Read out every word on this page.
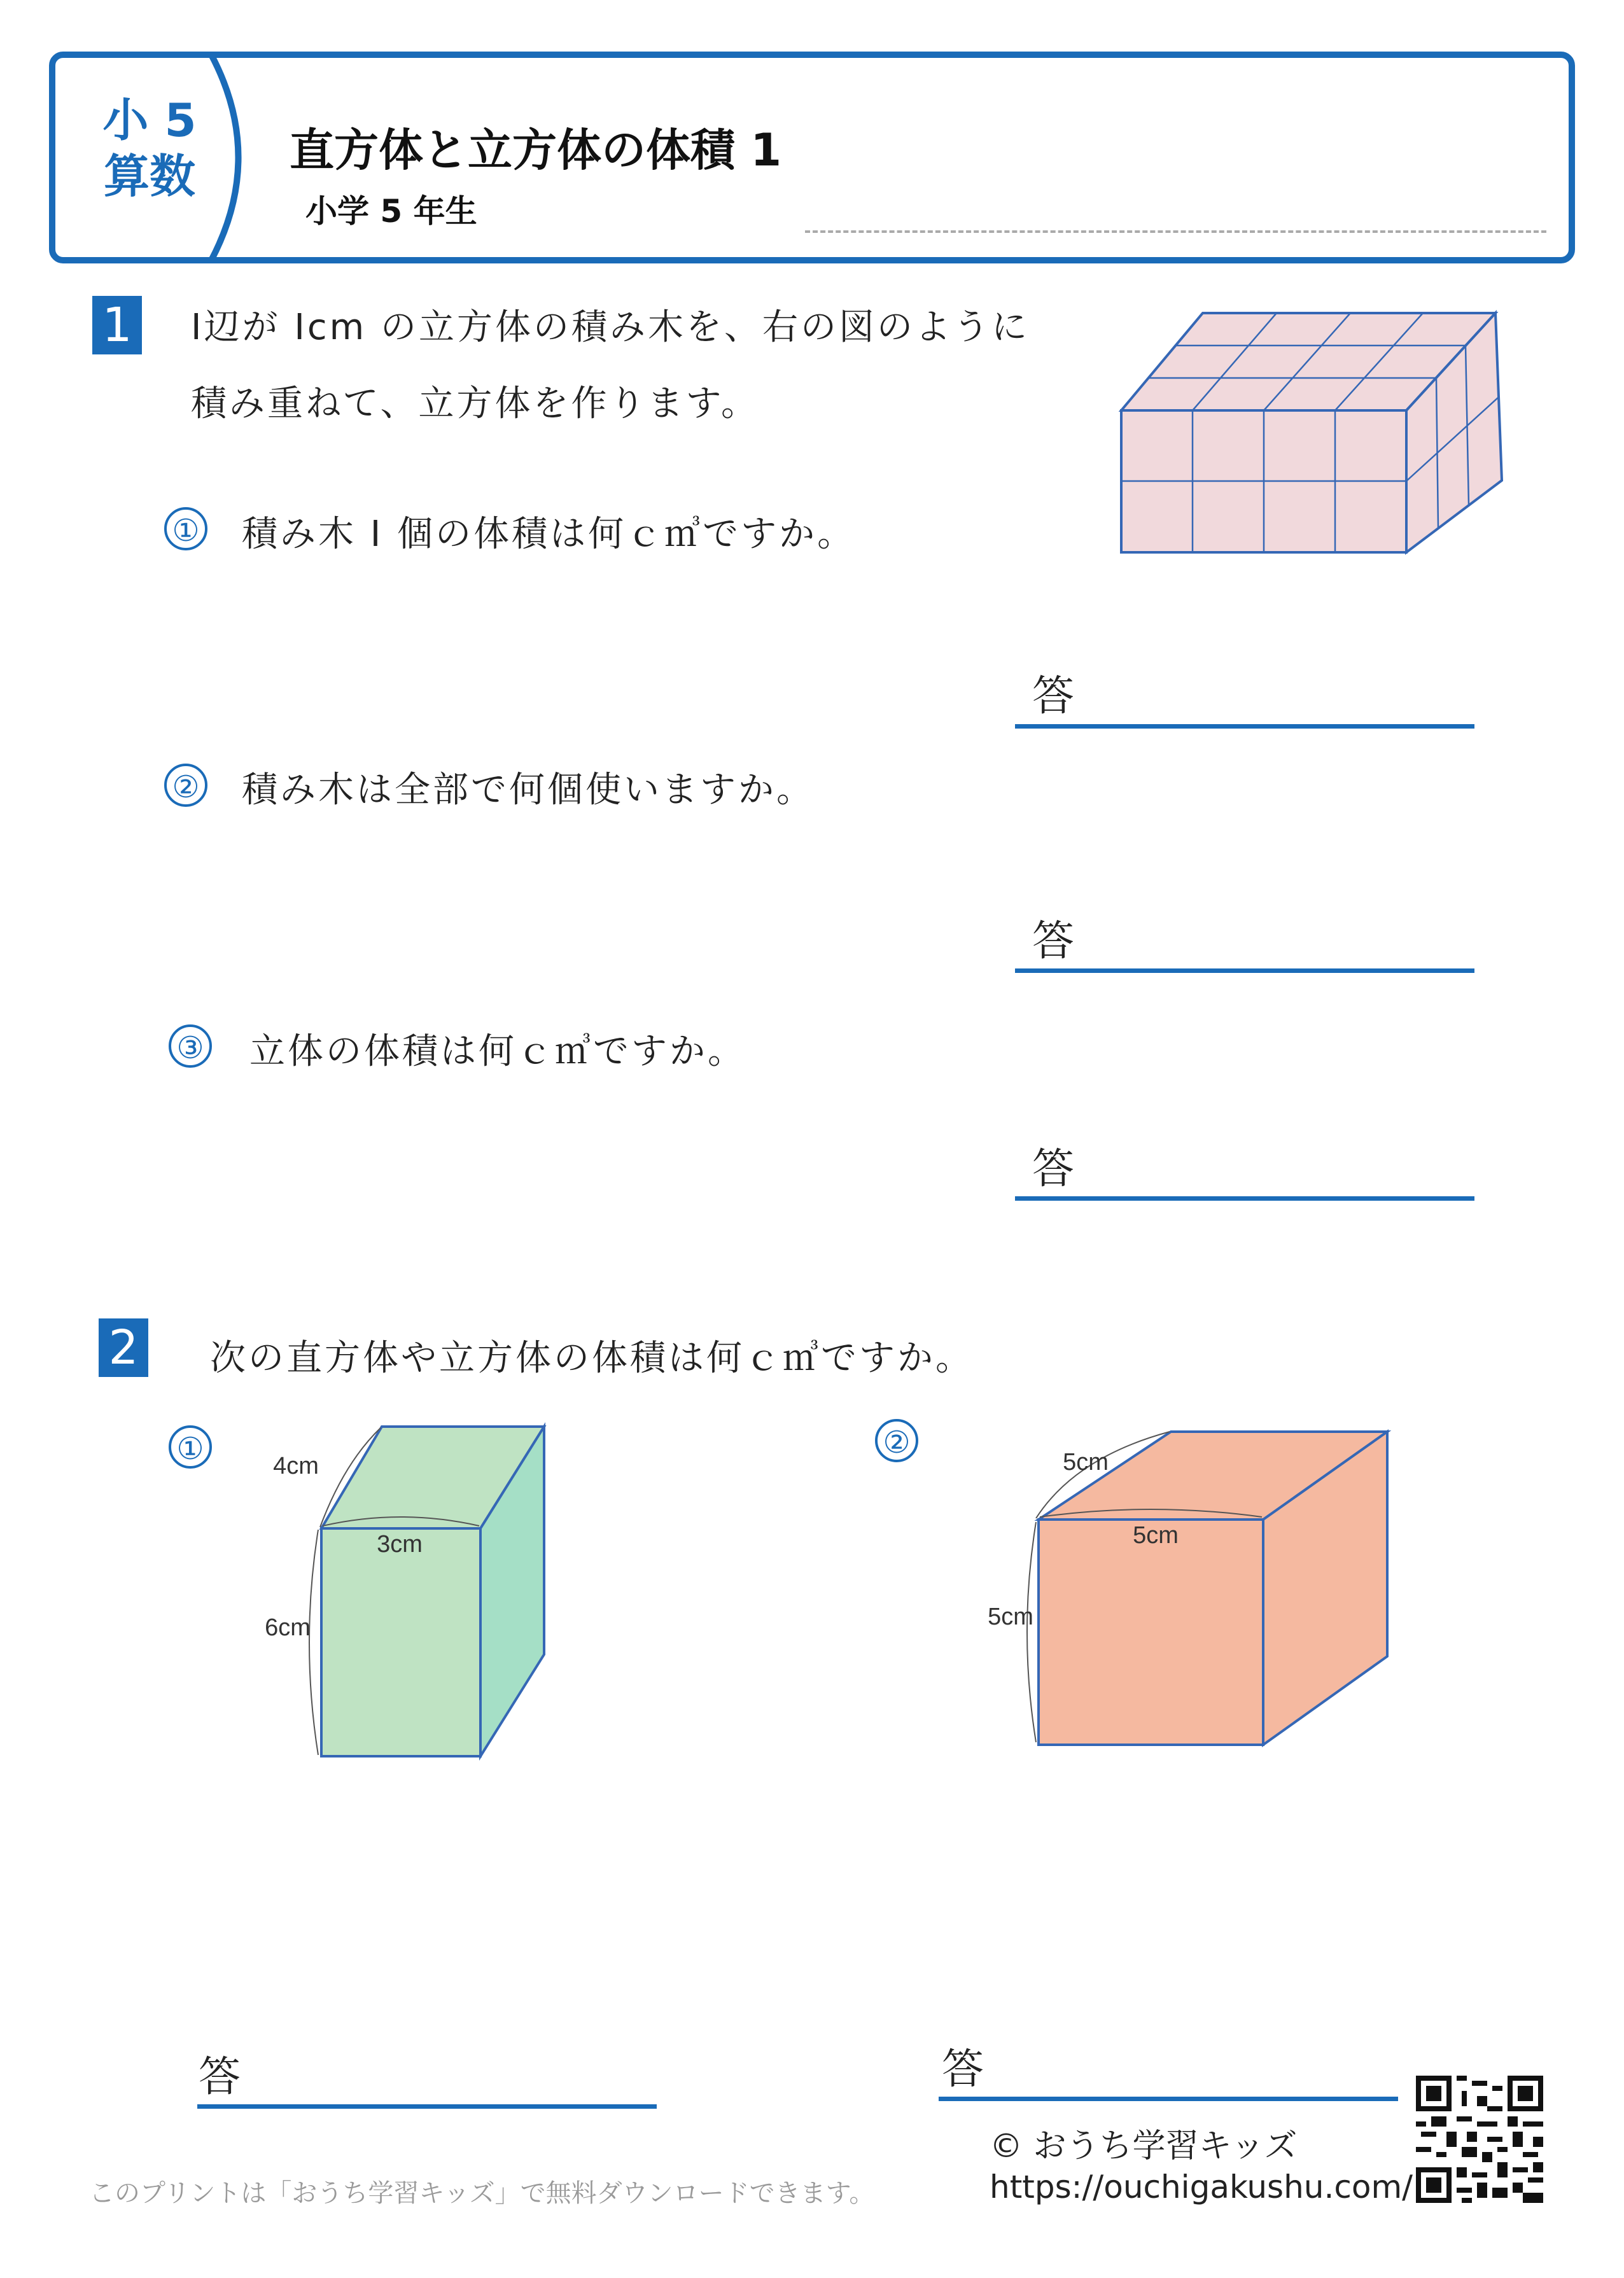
小 5
算数	直方体と立方体の体積 1
小学 5 年生
1 Ⅰ辺が Ⅰcm の立方体の積み木を、右の図のように
積み重ねて、立方体を作ります。
① 積み木 Ⅰ 個の体積は何ｃ㎥ですか。
答
② 積み木は全部で何個使いますか。
答
③ 立体の体積は何ｃ㎥ですか。
答
2 次の直方体や立方体の体積は何ｃ㎥ですか。
①	4cm
3cm
6cm
②
5cm
5cm
5cm
答	答
このプリントは「おうち学習キッズ」で無料ダウンロードできます。
© おうち学習キッズ
https://ouchigakushu.com/
